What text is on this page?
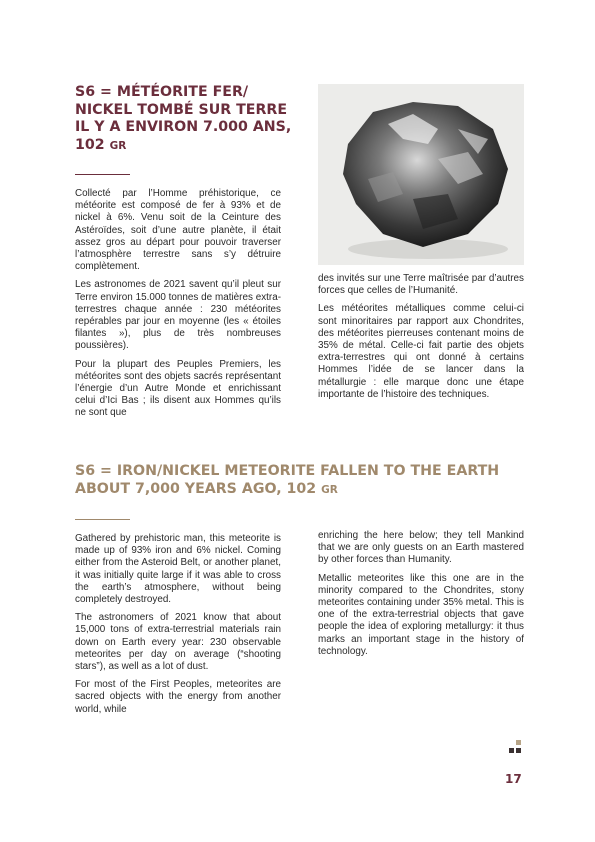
S6 = MÉTÉORITE FER/ NICKEL TOMBÉ SUR TERRE IL Y A ENVIRON 7.000 ANS, 102 GR

Collecté par l’Homme préhistorique, ce météorite est composé de fer à 93% et de nickel à 6%. Venu soit de la Ceinture des Astéroïdes, soit d’une autre planète, il était assez gros au départ pour pouvoir traverser l’atmosphère terrestre sans s’y détruire complètement.

Les astronomes de 2021 savent qu’il pleut sur Terre environ 15.000 tonnes de matières extra-terrestres chaque année : 230 météorites repérables par jour en moyenne (les « étoiles filantes »), plus de très nombreuses poussières).

Pour la plupart des Peuples Premiers, les météorites sont des objets sacrés représentant l’énergie d’un Autre Monde et enrichissant celui d’Ici Bas ; ils disent aux Hommes qu’ils ne sont que

des invités sur une Terre maîtrisée par d’autres forces que celles de l’Humanité.

Les météorites métalliques comme celui-ci sont minoritaires par rapport aux Chondrites, des météorites pierreuses contenant moins de 35% de métal. Celle-ci fait partie des objets extra-terrestres qui ont donné à certains Hommes l’idée de se lancer dans la métallurgie : elle marque donc une étape importante de l’histoire des techniques.

S6 = IRON/NICKEL METEORITE FALLEN TO THE EARTH ABOUT 7,000 YEARS AGO, 102 GR

Gathered by prehistoric man, this meteorite is made up of 93% iron and 6% nickel. Coming either from the Asteroid Belt, or another planet, it was initially quite large if it was able to cross the earth’s atmosphere, without being completely destroyed.

The astronomers of 2021 know that about 15,000 tons of extra-terrestrial materials rain down on Earth every year: 230 observable meteorites per day on average (“shooting stars”), as well as a lot of dust.

For most of the First Peoples, meteorites are sacred objects with the energy from another world, while

enriching the here below; they tell Mankind that we are only guests on an Earth mastered by other forces than Humanity.

Metallic meteorites like this one are in the minority compared to the Chondrites, stony meteorites containing under 35% metal. This is one of the extra-terrestrial objects that gave people the idea of exploring metallurgy: it thus marks an important stage in the history of technology.

17
